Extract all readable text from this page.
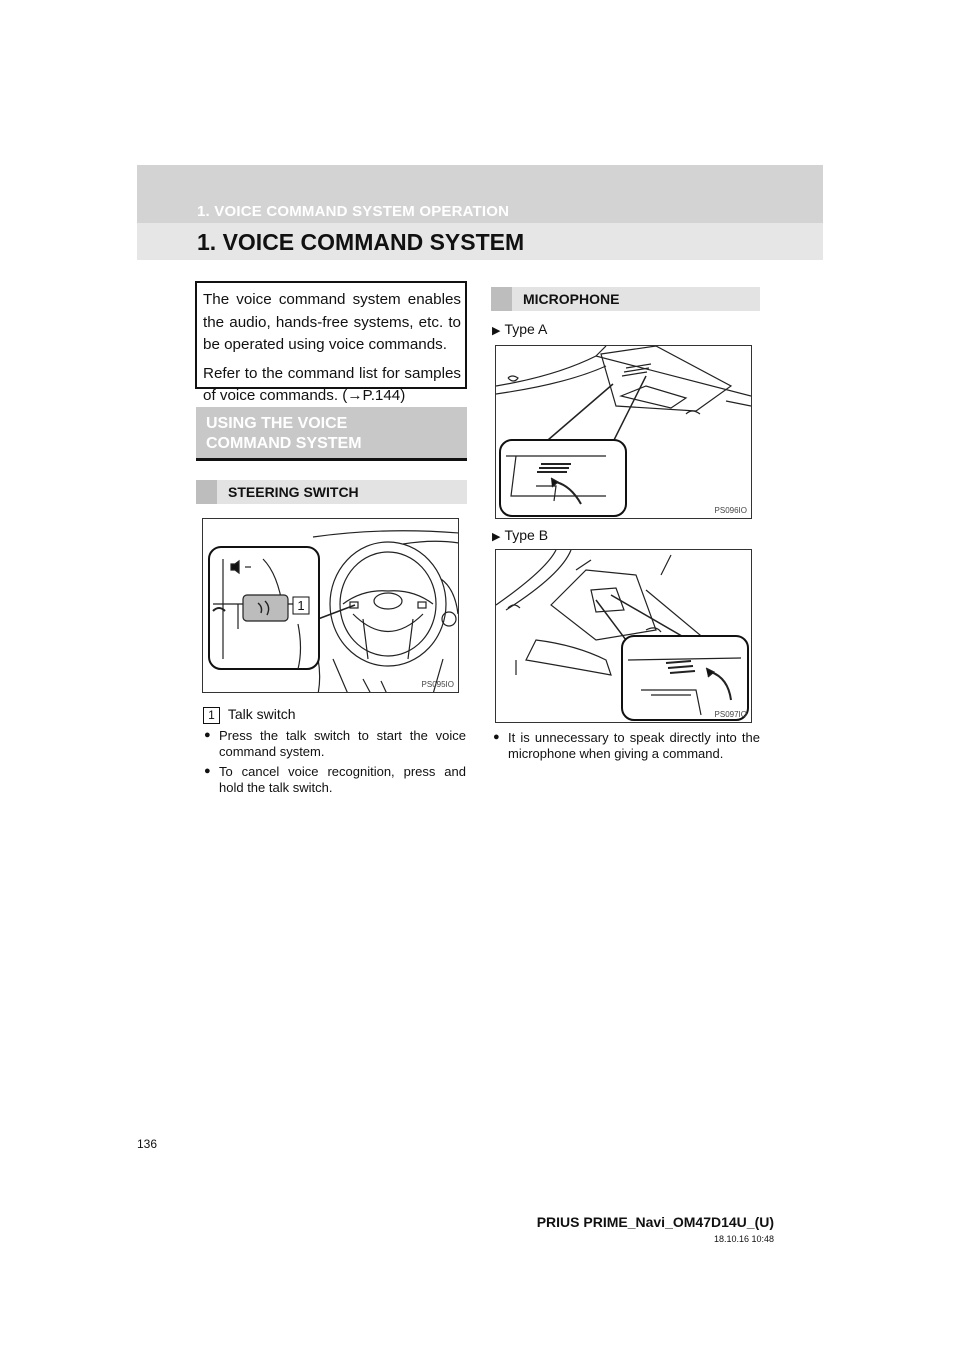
1. VOICE COMMAND SYSTEM OPERATION
1. VOICE COMMAND SYSTEM

The voice command system enables the audio, hands-free systems, etc. to be operated using voice commands.

Refer to the command list for samples of voice commands. (→P.144)

USING THE VOICE
COMMAND SYSTEM
STEERING SWITCH
1
PS095IO
1 Talk switch
● Press the talk switch to start the voice command system.
● To cancel voice recognition, press and hold the talk switch.
MICROPHONE
▶ Type A
PS096IO
▶ Type B
PS097IO
● It is unnecessary to speak directly into the microphone when giving a command.
136
PRIUS PRIME_Navi_OM47D14U_(U)
18.10.16 10:48
